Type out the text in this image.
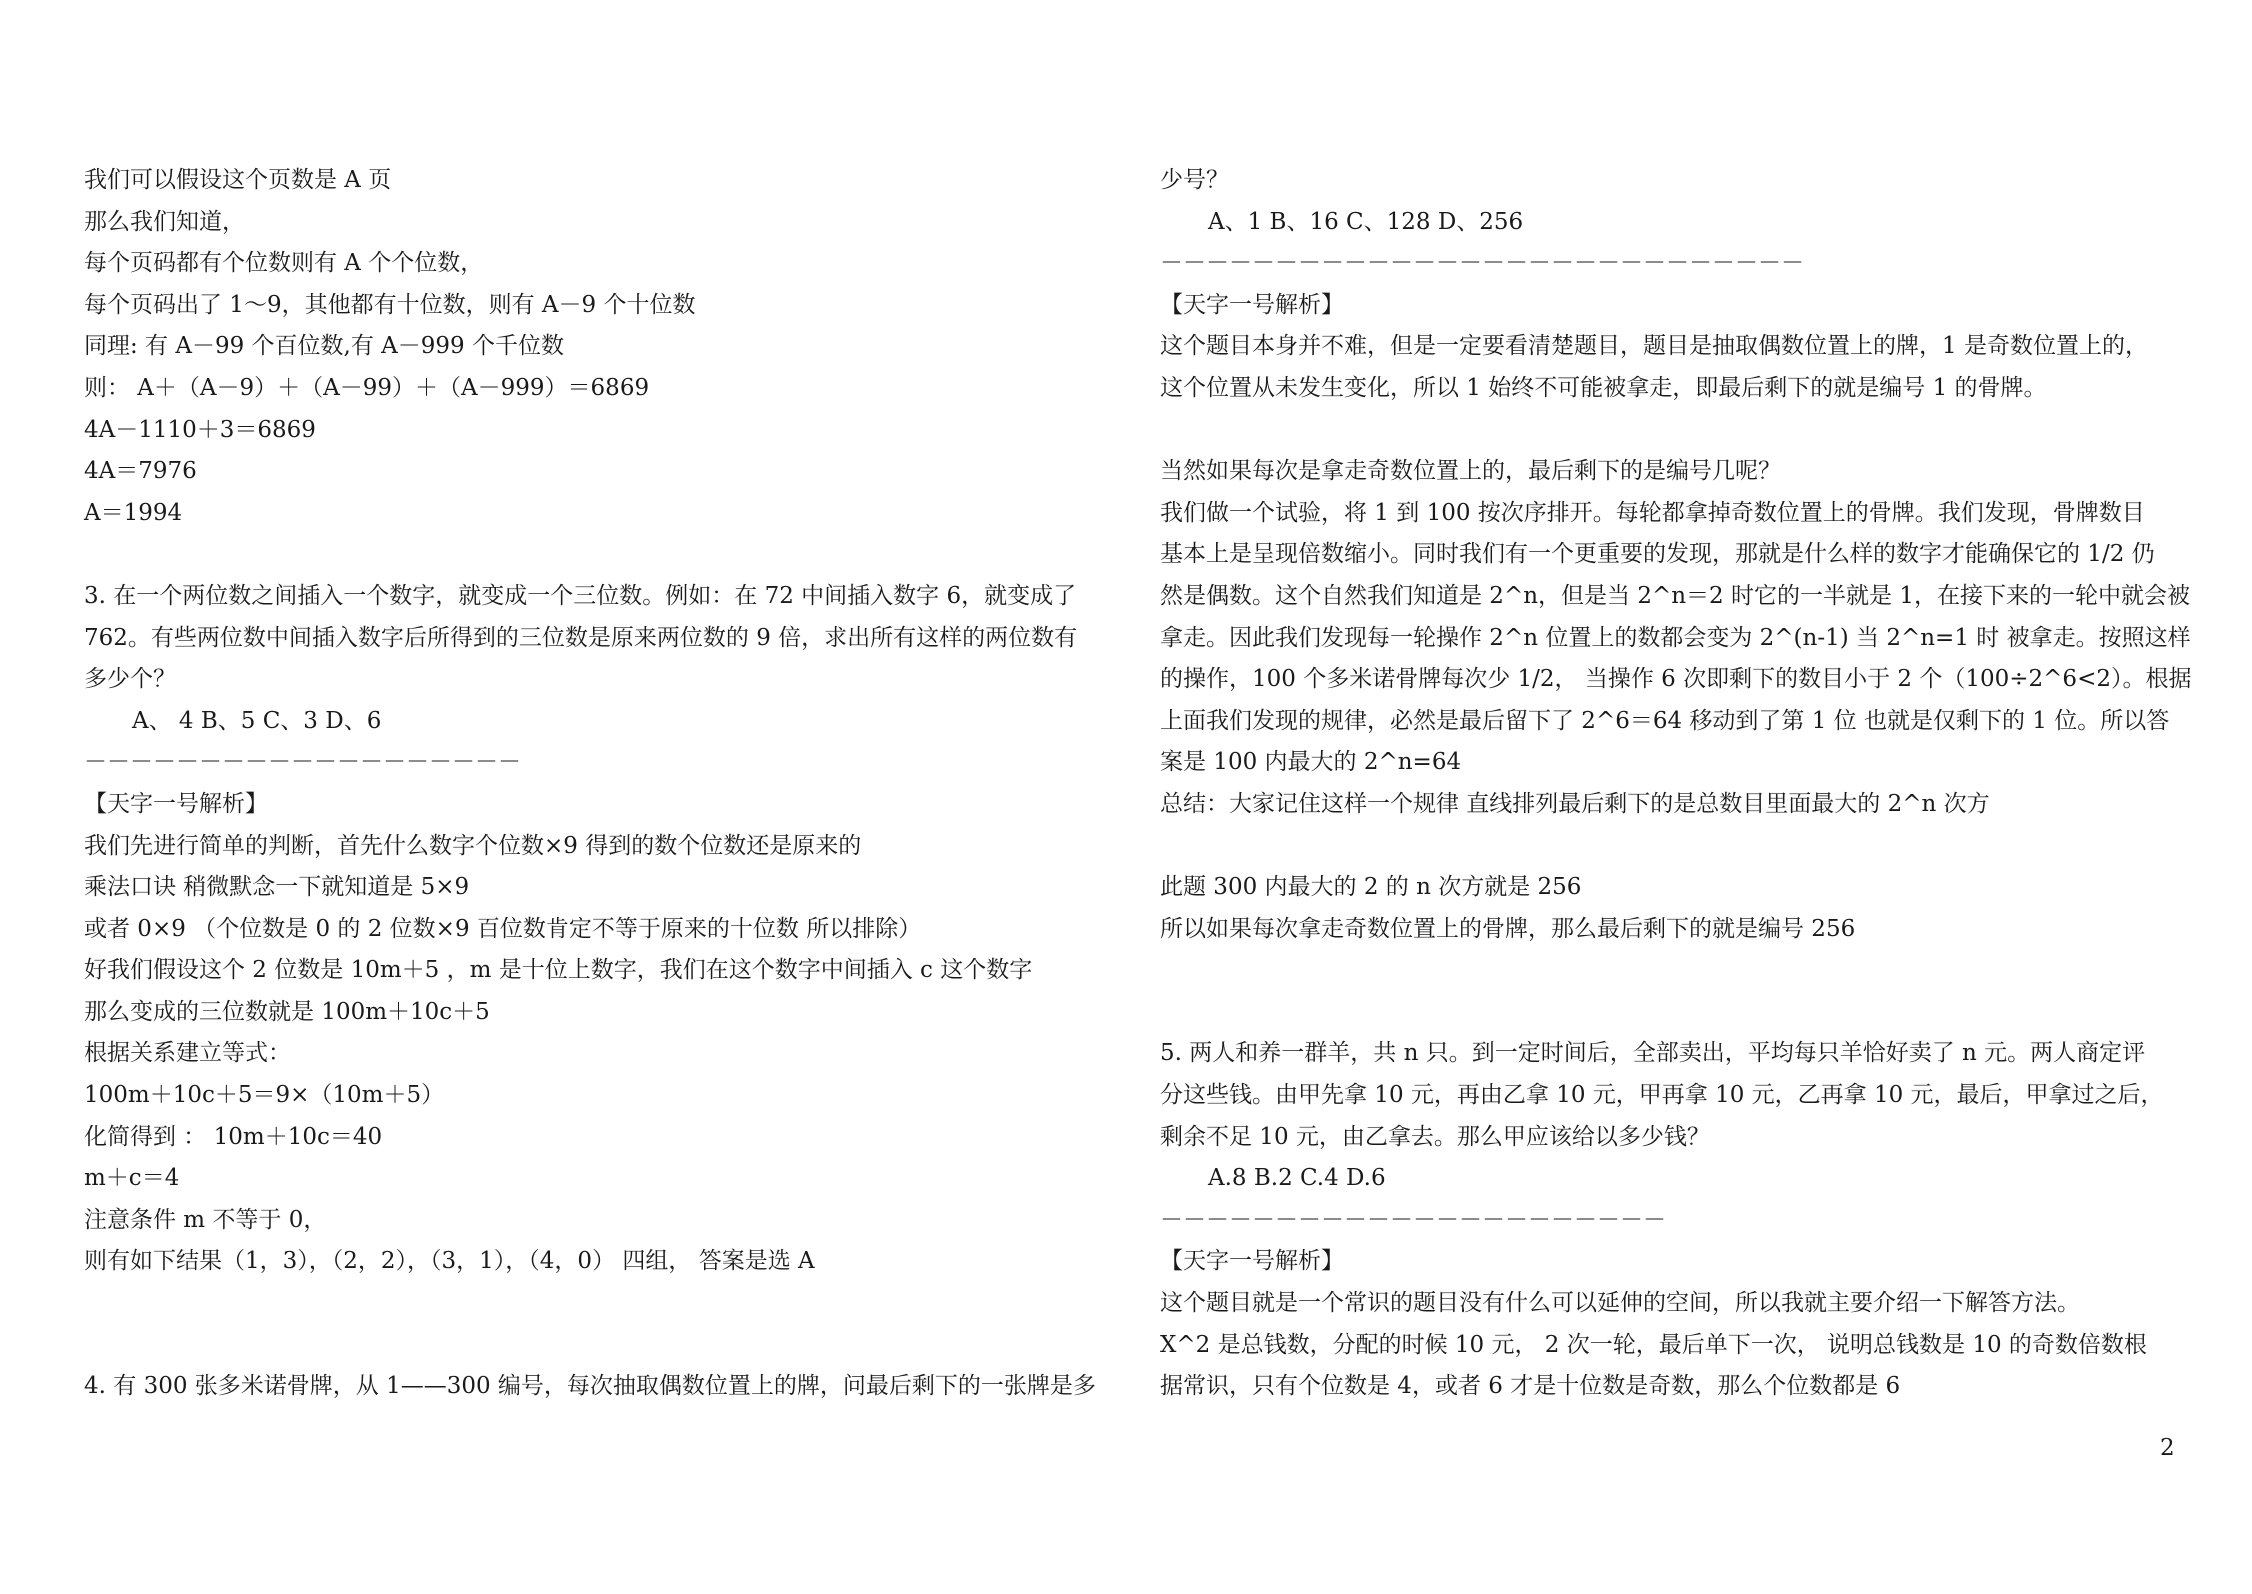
我们可以假设这个页数是 A 页
那么我们知道，
每个页码都有个位数则有 A 个个位数，
每个页码出了 1～9，其他都有十位数，则有 A－9 个十位数
同理: 有 A－99 个百位数,有 A－999 个千位数
则： A＋（A－9）＋（A－99）＋（A－999）＝6869
4A－1110＋3＝6869
4A＝7976
A＝1994
3. 在一个两位数之间插入一个数字，就变成一个三位数。例如：在 72 中间插入数字 6，就变成了
762。有些两位数中间插入数字后所得到的三位数是原来两位数的 9 倍，求出所有这样的两位数有
多少个？
A、 4 B、5 C、3 D、6
－－－－－－－－－－－－－－－－－－－
【天字一号解析】
我们先进行简单的判断，首先什么数字个位数×9 得到的数个位数还是原来的
乘法口诀 稍微默念一下就知道是 5×9
或者 0×9 （个位数是 0 的 2 位数×9 百位数肯定不等于原来的十位数 所以排除）
好我们假设这个 2 位数是 10m＋5 ，m 是十位上数字，我们在这个数字中间插入 c 这个数字
那么变成的三位数就是 100m＋10c＋5
根据关系建立等式：
100m＋10c＋5＝9×（10m＋5）
化简得到 ： 10m＋10c＝40
m＋c＝4
注意条件 m 不等于 0，
则有如下结果（1，3），（2，2），（3，1），（4，0） 四组， 答案是选 A
4. 有 300 张多米诺骨牌，从 1——300 编号，每次抽取偶数位置上的牌，问最后剩下的一张牌是多
少号？
A、1 B、16 C、128 D、256
－－－－－－－－－－－－－－－－－－－－－－－－－－－－
【天字一号解析】
这个题目本身并不难，但是一定要看清楚题目，题目是抽取偶数位置上的牌，1 是奇数位置上的，
这个位置从未发生变化，所以 1 始终不可能被拿走，即最后剩下的就是编号 1 的骨牌。
当然如果每次是拿走奇数位置上的，最后剩下的是编号几呢？
我们做一个试验，将 1 到 100 按次序排开。每轮都拿掉奇数位置上的骨牌。我们发现，骨牌数目
基本上是呈现倍数缩小。同时我们有一个更重要的发现，那就是什么样的数字才能确保它的 1/2 仍
然是偶数。这个自然我们知道是 2^n，但是当 2^n＝2 时它的一半就是 1，在接下来的一轮中就会被
拿走。因此我们发现每一轮操作 2^n 位置上的数都会变为 2^(n-1) 当 2^n=1 时 被拿走。按照这样
的操作，100 个多米诺骨牌每次少 1/2， 当操作 6 次即剩下的数目小于 2 个（100÷2^6<2）。根据
上面我们发现的规律，必然是最后留下了 2^6＝64 移动到了第 1 位 也就是仅剩下的 1 位。所以答
案是 100 内最大的 2^n=64
总结：大家记住这样一个规律 直线排列最后剩下的是总数目里面最大的 2^n 次方
此题 300 内最大的 2 的 n 次方就是 256
所以如果每次拿走奇数位置上的骨牌，那么最后剩下的就是编号 256
5. 两人和养一群羊，共 n 只。到一定时间后，全部卖出，平均每只羊恰好卖了 n 元。两人商定评
分这些钱。由甲先拿 10 元，再由乙拿 10 元，甲再拿 10 元，乙再拿 10 元，最后，甲拿过之后，
剩余不足 10 元，由乙拿去。那么甲应该给以多少钱？
A.8 B.2 C.4 D.6
－－－－－－－－－－－－－－－－－－－－－－
【天字一号解析】
这个题目就是一个常识的题目没有什么可以延伸的空间，所以我就主要介绍一下解答方法。
X^2 是总钱数，分配的时候 10 元， 2 次一轮，最后单下一次， 说明总钱数是 10 的奇数倍数根
据常识，只有个位数是 4，或者 6 才是十位数是奇数，那么个位数都是 6
2
